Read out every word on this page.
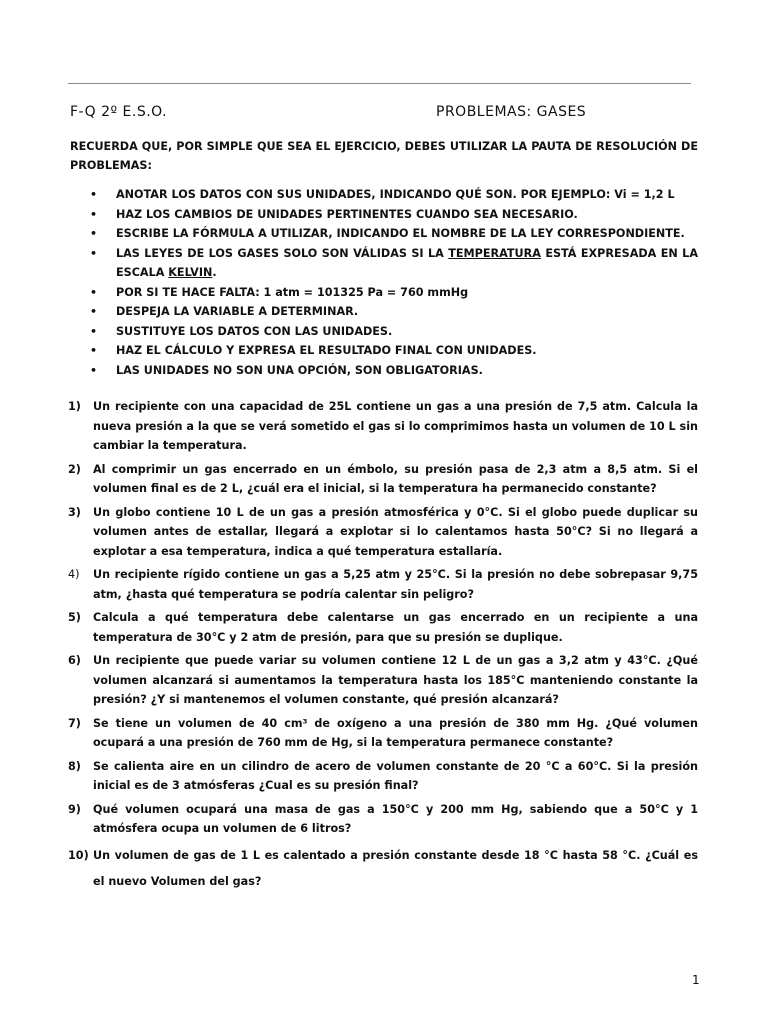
F-Q 2º E.S.O.	PROBLEMAS: GASES
RECUERDA QUE, POR SIMPLE QUE SEA EL EJERCICIO, DEBES UTILIZAR LA PAUTA DE RESOLUCIÓN DE PROBLEMAS:
• ANOTAR LOS DATOS CON SUS UNIDADES, INDICANDO QUÉ SON. POR EJEMPLO: Vi = 1,2 L
• HAZ LOS CAMBIOS DE UNIDADES PERTINENTES CUANDO SEA NECESARIO.
• ESCRIBE LA FÓRMULA A UTILIZAR, INDICANDO EL NOMBRE DE LA LEY CORRESPONDIENTE.
• LAS LEYES DE LOS GASES SOLO SON VÁLIDAS SI LA TEMPERATURA ESTÁ EXPRESADA EN LA ESCALA KELVIN.
• POR SI TE HACE FALTA: 1 atm = 101325 Pa = 760 mmHg
• DESPEJA LA VARIABLE A DETERMINAR.
• SUSTITUYE LOS DATOS CON LAS UNIDADES.
• HAZ EL CÁLCULO Y EXPRESA EL RESULTADO FINAL CON UNIDADES.
• LAS UNIDADES NO SON UNA OPCIÓN, SON OBLIGATORIAS.
1) Un recipiente con una capacidad de 25L contiene un gas a una presión de 7,5 atm. Calcula la nueva presión a la que se verá sometido el gas si lo comprimimos hasta un volumen de 10 L sin cambiar la temperatura.
2) Al comprimir un gas encerrado en un émbolo, su presión pasa de 2,3 atm a 8,5 atm. Si el volumen final es de 2 L, ¿cuál era el inicial, si la temperatura ha permanecido constante?
3) Un globo contiene 10 L de un gas a presión atmosférica y 0°C. Si el globo puede duplicar su volumen antes de estallar, llegará a explotar si lo calentamos hasta 50°C? Si no llegará a explotar a esa temperatura, indica a qué temperatura estallaría.
4) Un recipiente rígido contiene un gas a 5,25 atm y 25°C. Si la presión no debe sobrepasar 9,75 atm, ¿hasta qué temperatura se podría calentar sin peligro?
5) Calcula a qué temperatura debe calentarse un gas encerrado en un recipiente a una temperatura de 30°C y 2 atm de presión, para que su presión se duplique.
6) Un recipiente que puede variar su volumen contiene 12 L de un gas a 3,2 atm y 43°C. ¿Qué volumen alcanzará si aumentamos la temperatura hasta los 185°C manteniendo constante la presión? ¿Y si mantenemos el volumen constante, qué presión alcanzará?
7) Se tiene un volumen de 40 cm³ de oxígeno a una presión de 380 mm Hg. ¿Qué volumen ocupará a una presión de 760 mm de Hg, si la temperatura permanece constante?
8) Se calienta aire en un cilindro de acero de volumen constante de 20 °C a 60°C. Si la presión inicial es de 3 atmósferas ¿Cual es su presión final?
9) Qué volumen ocupará una masa de gas a 150°C y 200 mm Hg, sabiendo que a 50°C y 1 atmósfera ocupa un volumen de 6 litros?
10) Un volumen de gas de 1 L es calentado a presión constante desde 18 °C hasta 58 °C. ¿Cuál es el nuevo Volumen del gas?
1
